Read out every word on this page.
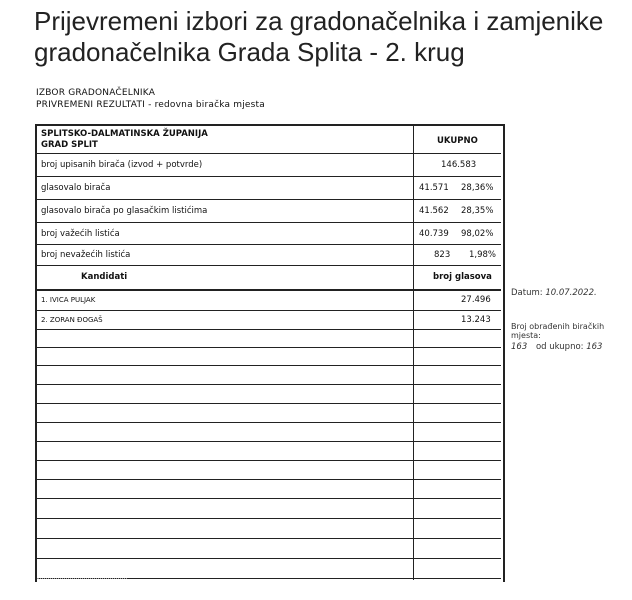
Prijevremeni izbori za gradonačelnika i zamjenike gradonačelnika Grada Splita - 2. krug
IZBOR GRADONAČELNIKA
PRIVREMENI REZULTATI - redovna biračka mjesta
SPLITSKO-DALMATINSKA ŽUPANIJA
GRAD SPLIT	UKUPNO
broj upisanih birača (izvod + potvrde)	146.583
glasovalo birača	41.571 28,36%
glasovalo birača po glasačkim listićima	41.562 28,35%
broj važećih listića	40.739 98,02%
broj nevažećih listića	823 1,98%
Kandidati	broj glasova
1. IVICA PULJAK	27.496
2. ZORAN ĐOGAŠ	13.243
Datum: 10.07.2022.
Broj obrađenih biračkih mjesta:
163 od ukupno: 163
